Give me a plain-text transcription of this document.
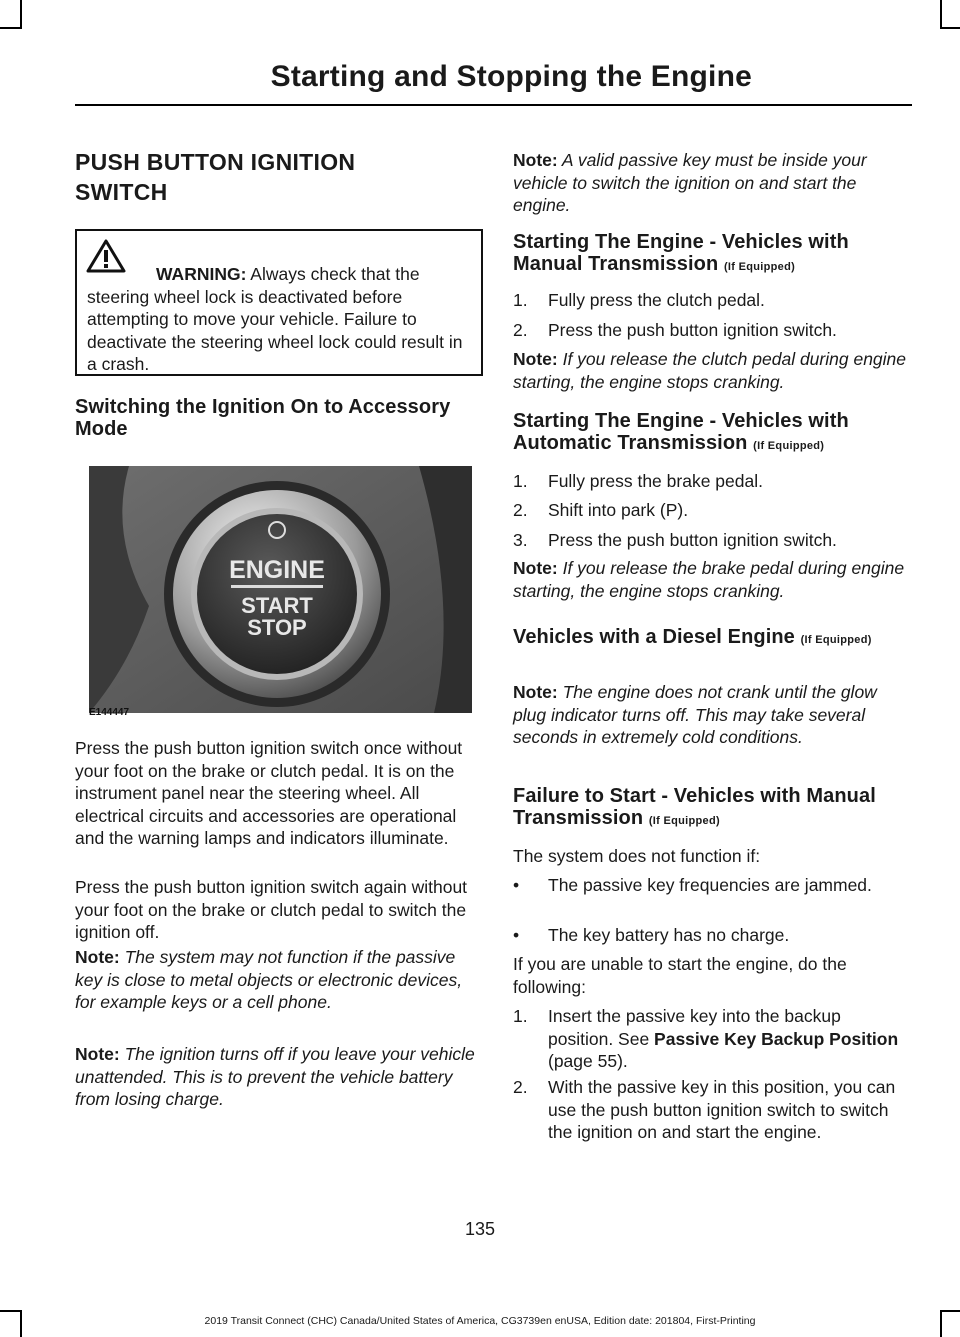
Starting and Stopping the Engine
PUSH BUTTON IGNITION
SWITCH
WARNING: Always check that the steering wheel lock is deactivated before attempting to move your vehicle. Failure to deactivate the steering wheel lock could result in a crash.
Switching the Ignition On to Accessory Mode
ENGINE
START
STOP
E144447
Press the push button ignition switch once without your foot on the brake or clutch pedal. It is on the instrument panel near the steering wheel. All electrical circuits and accessories are operational and the warning lamps and indicators illuminate.
Press the push button ignition switch again without your foot on the brake or clutch pedal to switch the ignition off.
Note: The system may not function if the passive key is close to metal objects or electronic devices, for example keys or a cell phone.
Note: The ignition turns off if you leave your vehicle unattended. This is to prevent the vehicle battery from losing charge.
Note: A valid passive key must be inside your vehicle to switch the ignition on and start the engine.
Starting The Engine - Vehicles with Manual Transmission (If Equipped)
1. Fully press the clutch pedal.
2. Press the push button ignition switch.
Note: If you release the clutch pedal during engine starting, the engine stops cranking.
Starting The Engine - Vehicles with Automatic Transmission (If Equipped)
1. Fully press the brake pedal.
2. Shift into park (P).
3. Press the push button ignition switch.
Note: If you release the brake pedal during engine starting, the engine stops cranking.
Vehicles with a Diesel Engine (If Equipped)
Note: The engine does not crank until the glow plug indicator turns off. This may take several seconds in extremely cold conditions.
Failure to Start - Vehicles with Manual Transmission (If Equipped)
The system does not function if:
• The passive key frequencies are jammed.
• The key battery has no charge.
If you are unable to start the engine, do the following:
1. Insert the passive key into the backup position. See Passive Key Backup Position (page 55).
2. With the passive key in this position, you can use the push button ignition switch to switch the ignition on and start the engine.
135
2019 Transit Connect (CHC) Canada/United States of America, CG3739en enUSA, Edition date: 201804, First-Printing
